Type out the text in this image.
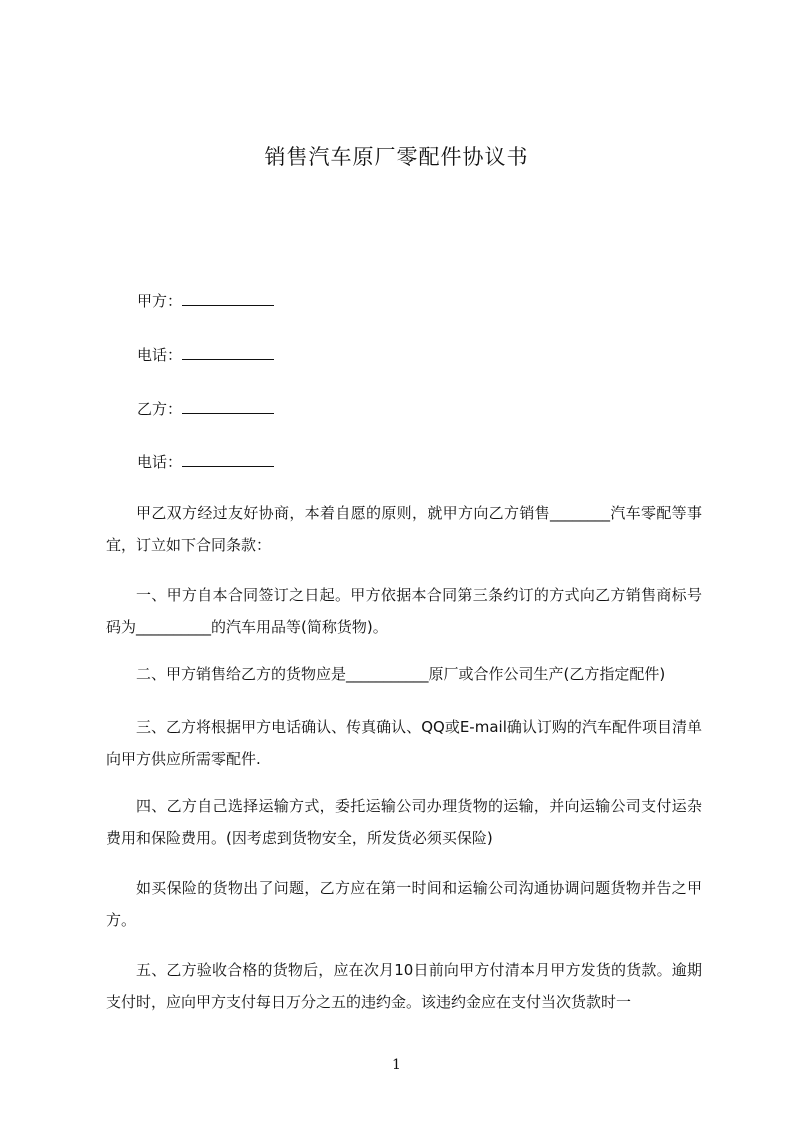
销售汽车原厂零配件协议书
甲方：
电话：
乙方：
电话：

甲乙双方经过友好协商，本着自愿的原则，就甲方向乙方销售________汽车零配等事宜，订立如下合同条款：

一、甲方自本合同签订之日起。甲方依据本合同第三条约订的方式向乙方销售商标号码为__________的汽车用品等(简称货物)。

二、甲方销售给乙方的货物应是___________原厂或合作公司生产(乙方指定配件)

三、乙方将根据甲方电话确认、传真确认、QQ或E-mail确认订购的汽车配件项目清单向甲方供应所需零配件.

四、乙方自己选择运输方式，委托运输公司办理货物的运输，并向运输公司支付运杂费用和保险费用。(因考虑到货物安全，所发货必须买保险)

如买保险的货物出了问题，乙方应在第一时间和运输公司沟通协调问题货物并告之甲方。

五、乙方验收合格的货物后，应在次月10日前向甲方付清本月甲方发货的货款。逾期支付时，应向甲方支付每日万分之五的违约金。该违约金应在支付当次货款时一

1
